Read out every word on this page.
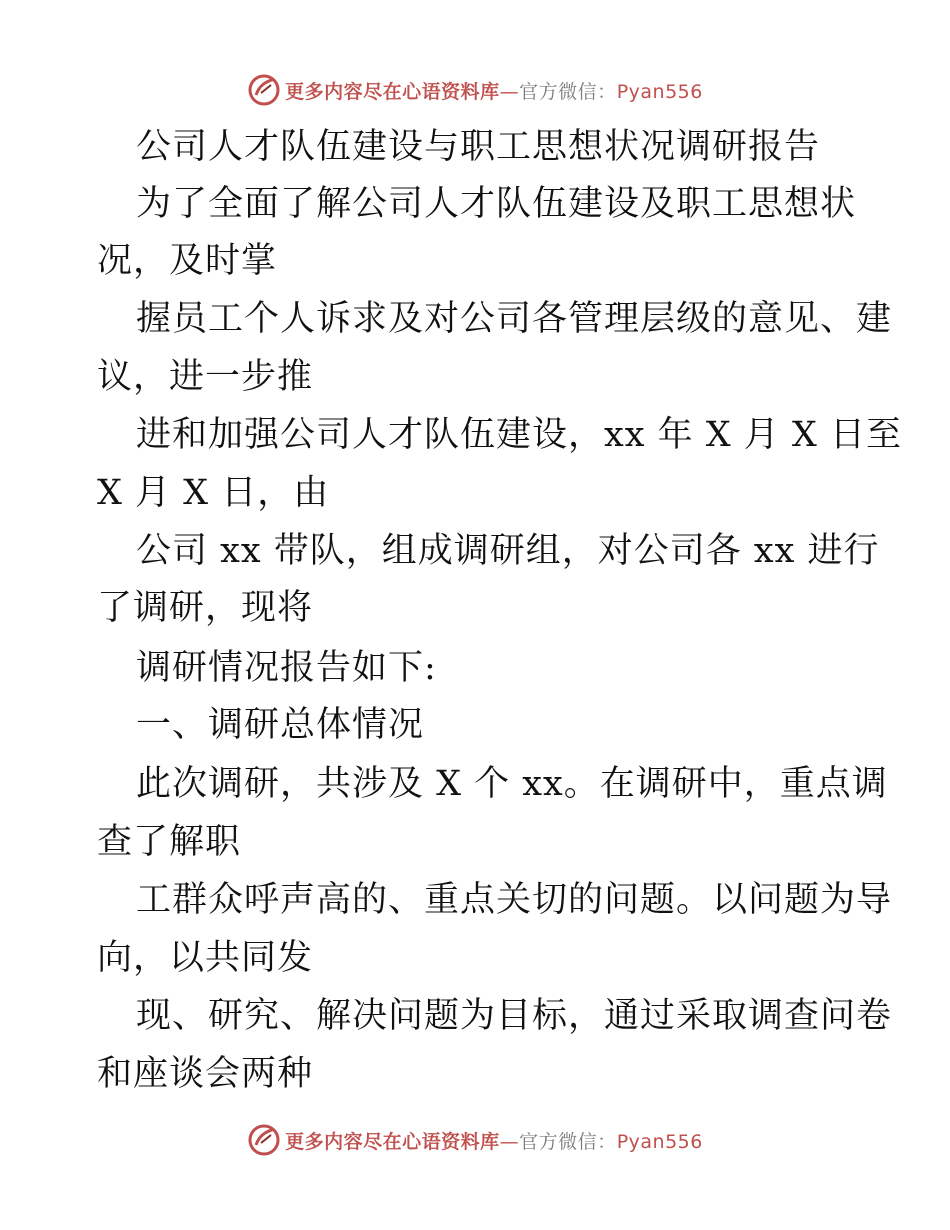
更多内容尽在心语资料库—官方微信：Pyan556
公司人才队伍建设与职工思想状况调研报告
为了全面了解公司人才队伍建设及职工思想状
况，及时掌
握员工个人诉求及对公司各管理层级的意见、建
议，进一步推
进和加强公司人才队伍建设，xx 年 X 月 X 日至
X 月 X 日，由
公司 xx 带队，组成调研组，对公司各 xx 进行
了调研，现将
调研情况报告如下:
一、调研总体情况
此次调研，共涉及 X 个 xx。在调研中，重点调
查了解职
工群众呼声高的、重点关切的问题。以问题为导
向，以共同发
现、研究、解决问题为目标，通过采取调查问卷
和座谈会两种
更多内容尽在心语资料库—官方微信：Pyan556
